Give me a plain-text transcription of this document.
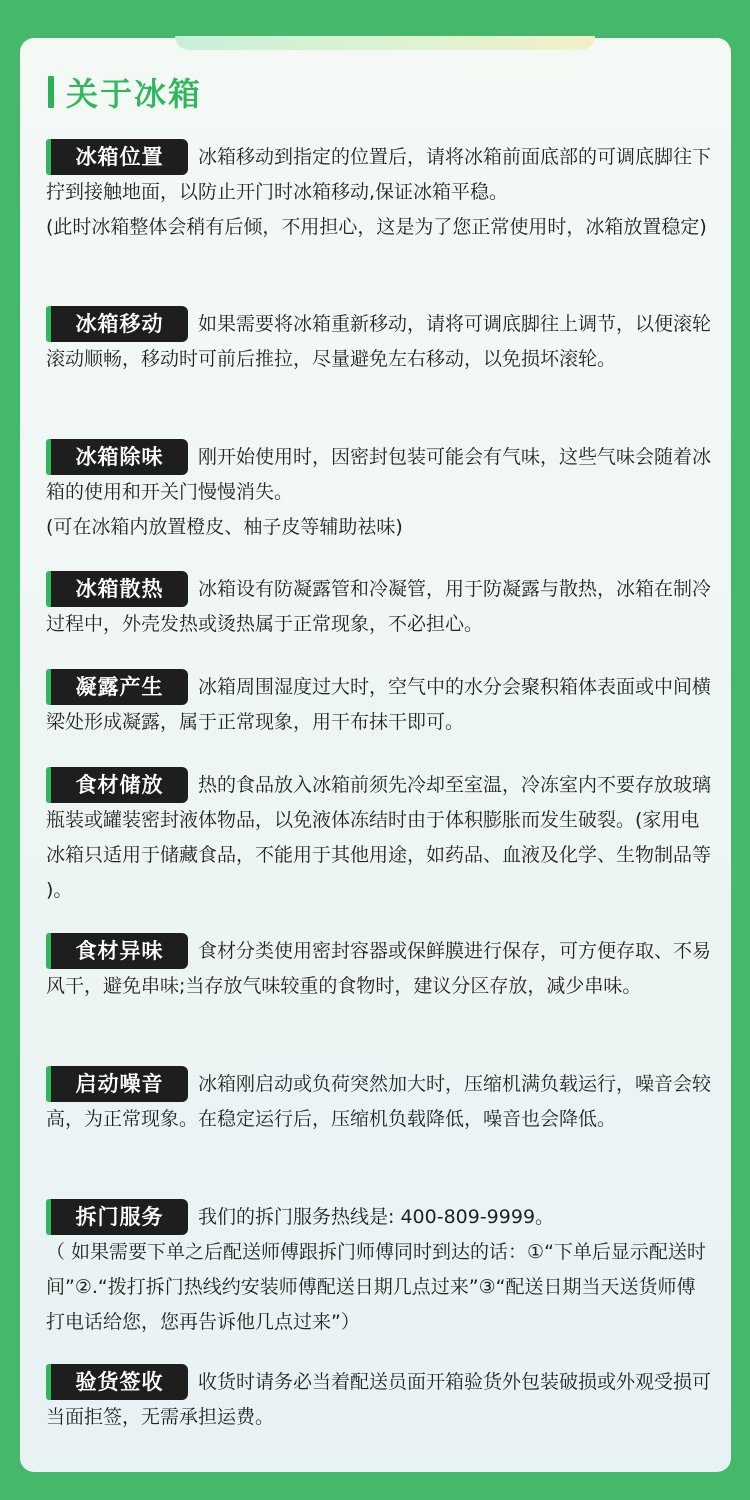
关于冰箱
冰箱位置	冰箱移动到指定的位置后，请将冰箱前面底部的可调底脚往下拧到接触地面，以防止开门时冰箱移动,保证冰箱平稳。

(此时冰箱整体会稍有后倾，不用担心，这是为了您正常使用时，冰箱放置稳定)

冰箱移动	如果需要将冰箱重新移动，请将可调底脚往上调节，以便滚轮滚动顺畅，移动时可前后推拉，尽量避免左右移动，以免损坏滚轮。

冰箱除味	刚开始使用时，因密封包装可能会有气味，这些气味会随着冰箱的使用和开关门慢慢消失。

(可在冰箱内放置橙皮、柚子皮等辅助祛味)

冰箱散热	冰箱设有防凝露管和冷凝管，用于防凝露与散热，冰箱在制冷过程中，外壳发热或烫热属于正常现象，不必担心。

凝露产生	冰箱周围湿度过大时，空气中的水分会聚积箱体表面或中间横梁处形成凝露，属于正常现象，用干布抹干即可。

食材储放	热的食品放入冰箱前须先冷却至室温，冷冻室内不要存放玻璃瓶装或罐装密封液体物品，以免液体冻结时由于体积膨胀而发生破裂。(家用电冰箱只适用于储藏食品，不能用于其他用途，如药品、血液及化学、生物制品等 )。

食材异味	食材分类使用密封容器或保鲜膜进行保存，可方便存取、不易风干，避免串味;当存放气味较重的食物时，建议分区存放，减少串味。

启动噪音	冰箱刚启动或负荷突然加大时，压缩机满负载运行，噪音会较高，为正常现象。在稳定运行后，压缩机负载降低，噪音也会降低。

拆门服务	我们的拆门服务热线是: 400-809-9999。

（ 如果需要下单之后配送师傅跟拆门师傅同时到达的话：①“下单后显示配送时间”②.“拨打拆门热线约安装师傅配送日期几点过来”③“配送日期当天送货师傅打电话给您，您再告诉他几点过来”）

验货签收	收货时请务必当着配送员面开箱验货外包装破损或外观受损可当面拒签，无需承担运费。
